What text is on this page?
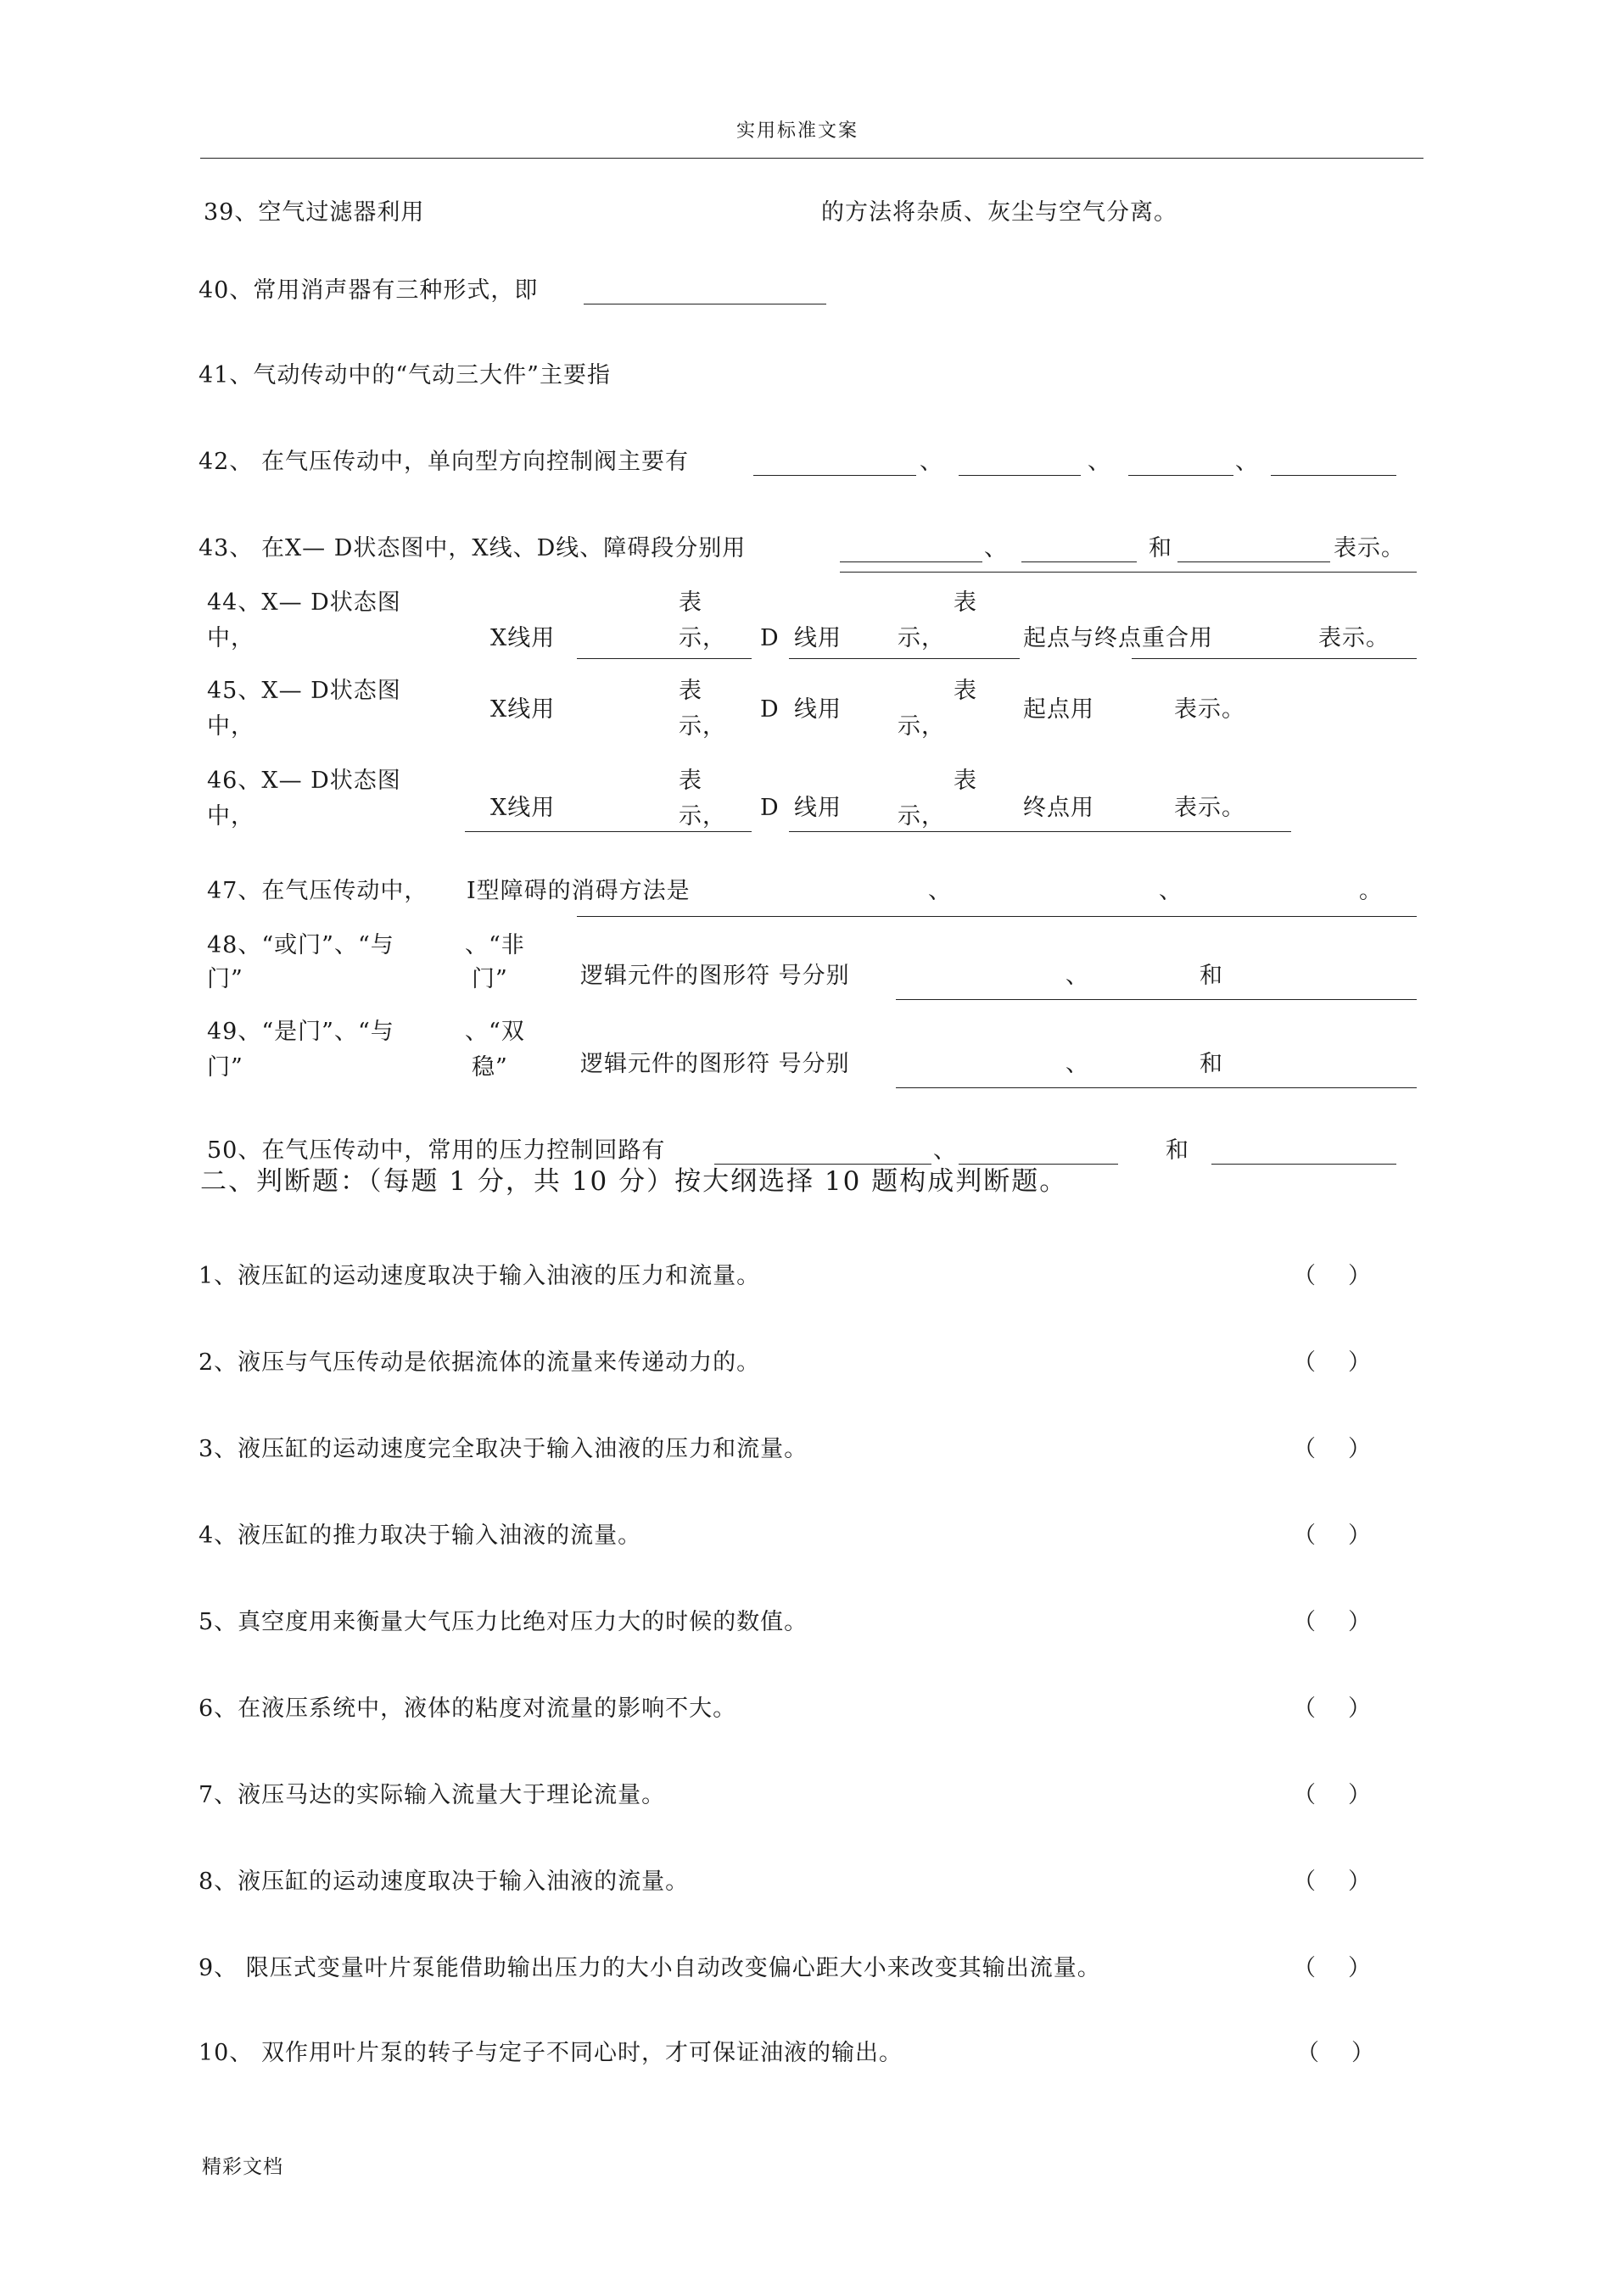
实用标准文案
39、空气过滤器利用	的方法将杂质、灰尘与空气分离。
40、常用消声器有三种形式，即
41、气动传动中的“气动三大件”主要指
42、 在气压传动中，单向型方向控制阀主要有	、	、	、
43、 在X— D状态图中，X线、D线、障碍段分别用	、	和	表示。
44、X— D状态图
中，	X线用
表
示， D 线用 示，
表
起点与终点重合用	表示。
45、X— D状态图
中，
X线用
表
示，
D 线用
示，
表
起点用	表示。
46、X— D状态图
中，	X线用
表
示， D 线用 示，
表
终点用	表示。
47、在气压传动中， I型障碍的消碍方法是	、	、	。
48、“或门”、“与
门”
、“非
门”	逻辑元件的图形符 号分别	、	和
49、“是门”、“与
门”
、“双
稳”	逻辑元件的图形符 号分别	、	和
50、在气压传动中，常用的压力控制回路有	、	和
二、判断题：（每题 1 分，共 10 分）按大纲选择 10 题构成判断题。
1、液压缸的运动速度取决于输入油液的压力和流量。	（ ）
2、液压与气压传动是依据流体的流量来传递动力的。	（ ）
3、液压缸的运动速度完全取决于输入油液的压力和流量。	（ ）
4、液压缸的推力取决于输入油液的流量。	（ ）
5、真空度用来衡量大气压力比绝对压力大的时候的数值。	（ ）
6、在液压系统中，液体的粘度对流量的影响不大。	（ ）
7、液压马达的实际输入流量大于理论流量。	（ ）
8、液压缸的运动速度取决于输入油液的流量。	（ ）
9、 限压式变量叶片泵能借助输出压力的大小自动改变偏心距大小来改变其输出流量。	（ ）
10、 双作用叶片泵的转子与定子不同心时，才可保证油液的输出。	（ ）
精彩文档
